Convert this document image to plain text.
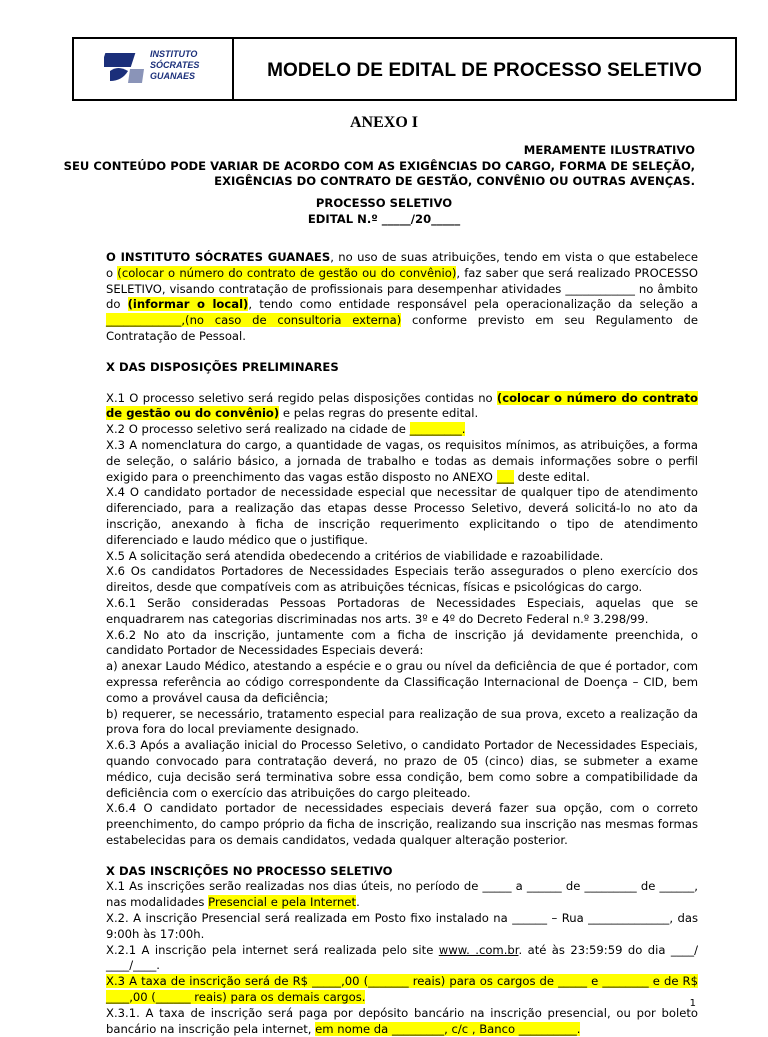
INSTITUTO
SÓCRATES
GUANAES	MODELO DE EDITAL DE PROCESSO SELETIVO
ANEXO I
MERAMENTE ILUSTRATIVO
SEU CONTEÚDO PODE VARIAR DE ACORDO COM AS EXIGÊNCIAS DO CARGO, FORMA DE SELEÇÃO,
EXIGÊNCIAS DO CONTRATO DE GESTÃO, CONVÊNIO OU OUTRAS AVENÇAS.
PROCESSO SELETIVO
EDITAL N.º _____/20_____

O INSTITUTO SÓCRATES GUANAES, no uso de suas atribuições, tendo em vista o que estabelece o (colocar o número do contrato de gestão ou do convênio), faz saber que será realizado PROCESSO SELETIVO, visando contratação de profissionais para desempenhar atividades ____________ no âmbito do (informar o local), tendo como entidade responsável pela operacionalização da seleção a _____________,(no caso de consultoria externa) conforme previsto em seu Regulamento de Contratação de Pessoal.

X DAS DISPOSIÇÕES PRELIMINARES

X.1 O processo seletivo será regido pelas disposições contidas no (colocar o número do contrato de gestão ou do convênio) e pelas regras do presente edital.

X.2 O processo seletivo será realizado na cidade de _________.

X.3 A nomenclatura do cargo, a quantidade de vagas, os requisitos mínimos, as atribuições, a forma de seleção, o salário básico, a jornada de trabalho e todas as demais informações sobre o perfil exigido para o preenchimento das vagas estão disposto no ANEXO ___ deste edital.

X.4 O candidato portador de necessidade especial que necessitar de qualquer tipo de atendimento diferenciado, para a realização das etapas desse Processo Seletivo, deverá solicitá-lo no ato da inscrição, anexando à ficha de inscrição requerimento explicitando o tipo de atendimento diferenciado e laudo médico que o justifique.

X.5 A solicitação será atendida obedecendo a critérios de viabilidade e razoabilidade.

X.6 Os candidatos Portadores de Necessidades Especiais terão assegurados o pleno exercício dos direitos, desde que compatíveis com as atribuições técnicas, físicas e psicológicas do cargo.

X.6.1 Serão consideradas Pessoas Portadoras de Necessidades Especiais, aquelas que se enquadrarem nas categorias discriminadas nos arts. 3º e 4º do Decreto Federal n.º 3.298/99.

X.6.2 No ato da inscrição, juntamente com a ficha de inscrição já devidamente preenchida, o candidato Portador de Necessidades Especiais deverá:

a) anexar Laudo Médico, atestando a espécie e o grau ou nível da deficiência de que é portador, com expressa referência ao código correspondente da Classificação Internacional de Doença – CID, bem como a provável causa da deficiência;

b) requerer, se necessário, tratamento especial para realização de sua prova, exceto a realização da prova fora do local previamente designado.

X.6.3 Após a avaliação inicial do Processo Seletivo, o candidato Portador de Necessidades Especiais, quando convocado para contratação deverá, no prazo de 05 (cinco) dias, se submeter a exame médico, cuja decisão será terminativa sobre essa condição, bem como sobre a compatibilidade da deficiência com o exercício das atribuições do cargo pleiteado.

X.6.4 O candidato portador de necessidades especiais deverá fazer sua opção, com o correto preenchimento, do campo próprio da ficha de inscrição, realizando sua inscrição nas mesmas formas estabelecidas para os demais candidatos, vedada qualquer alteração posterior.

X DAS INSCRIÇÕES NO PROCESSO SELETIVO

X.1 As inscrições serão realizadas nos dias úteis, no período de _____ a ______ de _________ de ______, nas modalidades Presencial e pela Internet.

X.2. A inscrição Presencial será realizada em Posto fixo instalado na ______ – Rua ______________, das 9:00h às 17:00h.

X.2.1 A inscrição pela internet será realizada pelo site www. .com.br. até às 23:59:59 do dia ____/ ____/____.

X.3 A taxa de inscrição será de R$ _____,00 (_______ reais) para os cargos de _____ e ________ e de R$ ____,00 (______ reais) para os demais cargos.

X.3.1. A taxa de inscrição será paga por depósito bancário na inscrição presencial, ou por boleto bancário na inscrição pela internet, em nome da _________, c/c , Banco __________.

1
